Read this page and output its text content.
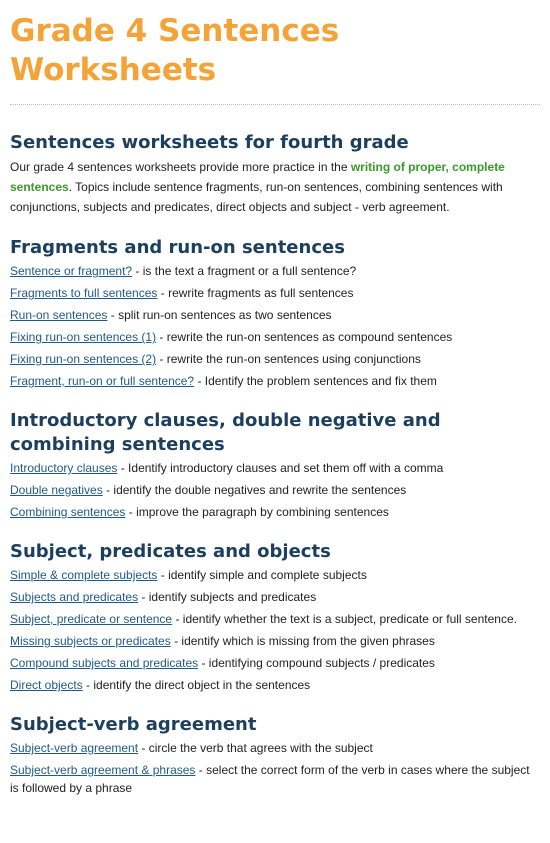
Grade 4 Sentences Worksheets
Sentences worksheets for fourth grade

Our grade 4 sentences worksheets provide more practice in the writing of proper, complete sentences. Topics include sentence fragments, run-on sentences, combining sentences with conjunctions, subjects and predicates, direct objects and subject - verb agreement.

Fragments and run-on sentences
Sentence or fragment? - is the text a fragment or a full sentence?
Fragments to full sentences - rewrite fragments as full sentences
Run-on sentences - split run-on sentences as two sentences
Fixing run-on sentences (1) - rewrite the run-on sentences as compound sentences
Fixing run-on sentences (2) - rewrite the run-on sentences using conjunctions
Fragment, run-on or full sentence? - Identify the problem sentences and fix them
Introductory clauses, double negative and combining sentences
Introductory clauses - Identify introductory clauses and set them off with a comma
Double negatives - identify the double negatives and rewrite the sentences
Combining sentences - improve the paragraph by combining sentences
Subject, predicates and objects
Simple & complete subjects - identify simple and complete subjects
Subjects and predicates - identify subjects and predicates
Subject, predicate or sentence - identify whether the text is a subject, predicate or full sentence.
Missing subjects or predicates - identify which is missing from the given phrases
Compound subjects and predicates - identifying compound subjects / predicates
Direct objects - identify the direct object in the sentences
Subject-verb agreement
Subject-verb agreement - circle the verb that agrees with the subject
Subject-verb agreement & phrases - select the correct form of the verb in cases where the subject is followed by a phrase
